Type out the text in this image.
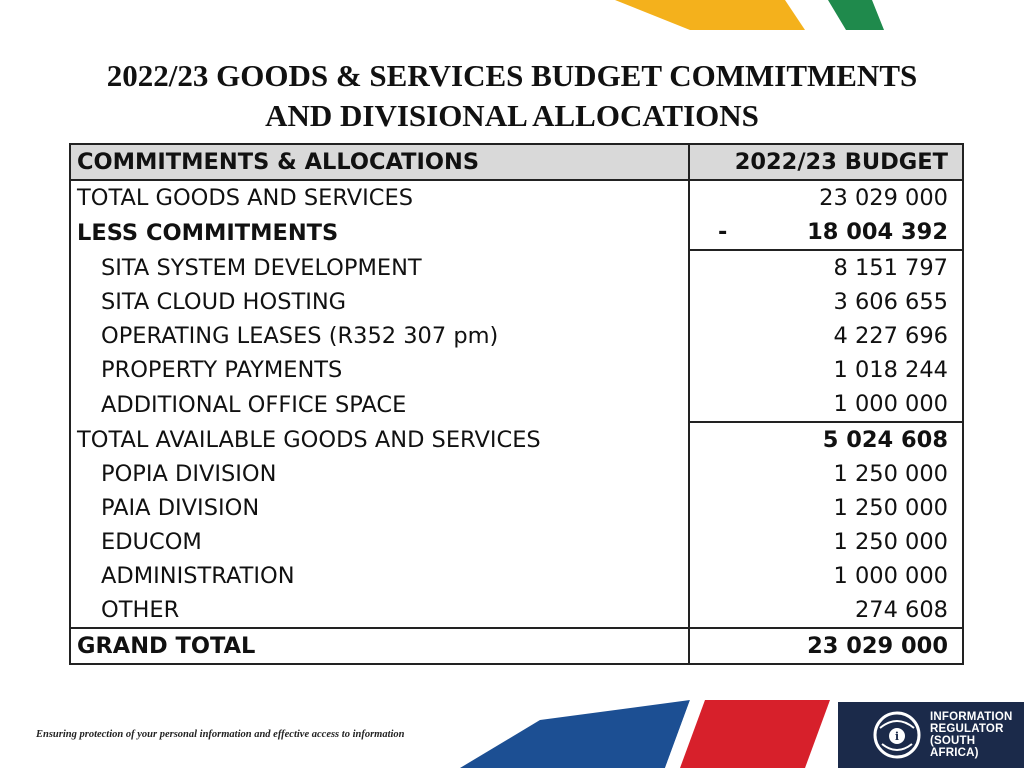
2022/23 GOODS & SERVICES BUDGET COMMITMENTS
AND DIVISIONAL ALLOCATIONS
COMMITMENTS & ALLOCATIONS	2022/23 BUDGET
TOTAL GOODS AND SERVICES	23 029 000
LESS COMMITMENTS	- 18 004 392
SITA SYSTEM DEVELOPMENT	8 151 797
SITA CLOUD HOSTING	3 606 655
OPERATING LEASES (R352 307 pm)	4 227 696
PROPERTY PAYMENTS	1 018 244
ADDITIONAL OFFICE SPACE	1 000 000
TOTAL AVAILABLE GOODS AND SERVICES	5 024 608
POPIA DIVISION	1 250 000
PAIA DIVISION	1 250 000
EDUCOM	1 250 000
ADMINISTRATION	1 000 000
OTHER	274 608
GRAND TOTAL	23 029 000
Ensuring protection of your personal information and effective access to information	i
INFORMATION
REGULATOR
(SOUTH AFRICA)
